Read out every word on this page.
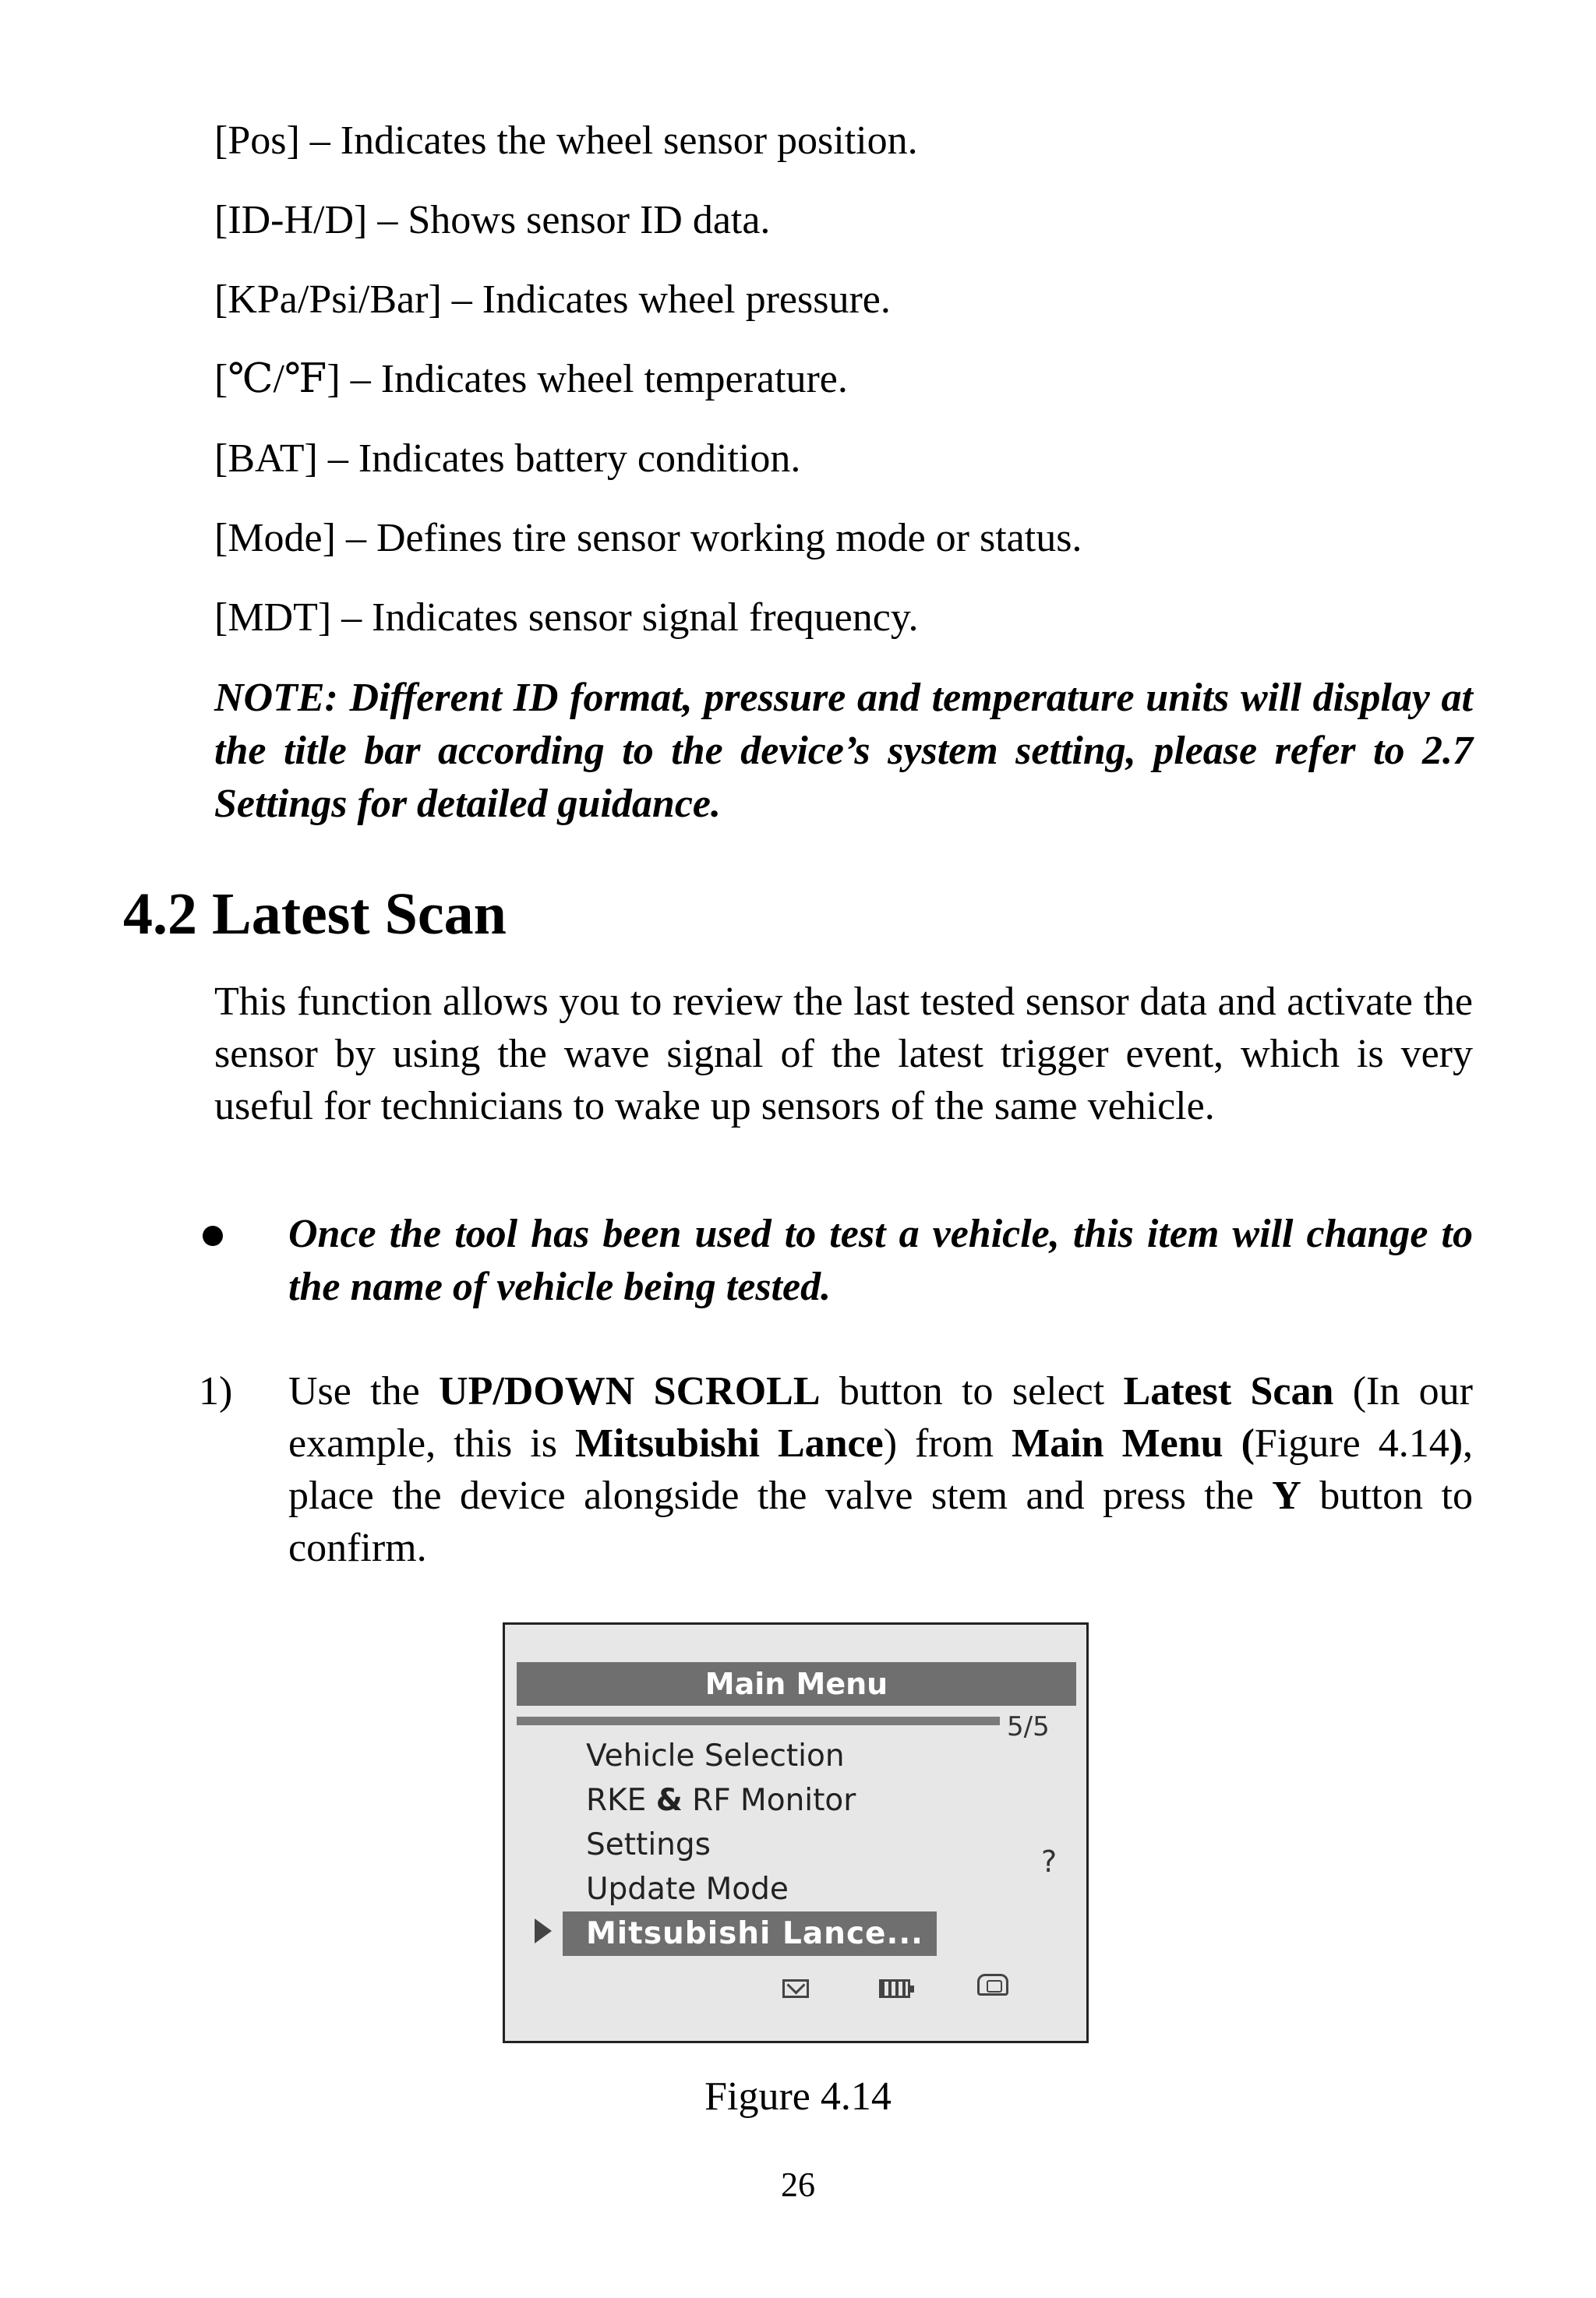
[Pos] – Indicates the wheel sensor position.

[ID-H/D] – Shows sensor ID data.

[KPa/Psi/Bar] – Indicates wheel pressure.

[℃/℉] – Indicates wheel temperature.

[BAT] – Indicates battery condition.

[Mode] – Defines tire sensor working mode or status.

[MDT] – Indicates sensor signal frequency.

NOTE: Different ID format, pressure and temperature units will display at the title bar according to the device’s system setting, please refer to 2.7 Settings for detailed guidance.

4.2 Latest Scan

This function allows you to review the last tested sensor data and activate the sensor by using the wave signal of the latest trigger event, which is very useful for technicians to wake up sensors of the same vehicle.

Once the tool has been used to test a vehicle, this item will change to the name of vehicle being tested.

1) Use the UP/DOWN SCROLL button to select Latest Scan (In our example, this is Mitsubishi Lance) from Main Menu (Figure 4.14), place the device alongside the valve stem and press the Y button to confirm.

Main Menu
5/5
Vehicle Selection
RKE & RF Monitor
Settings
Update Mode
Mitsubishi Lance...
?

Figure 4.14

26
